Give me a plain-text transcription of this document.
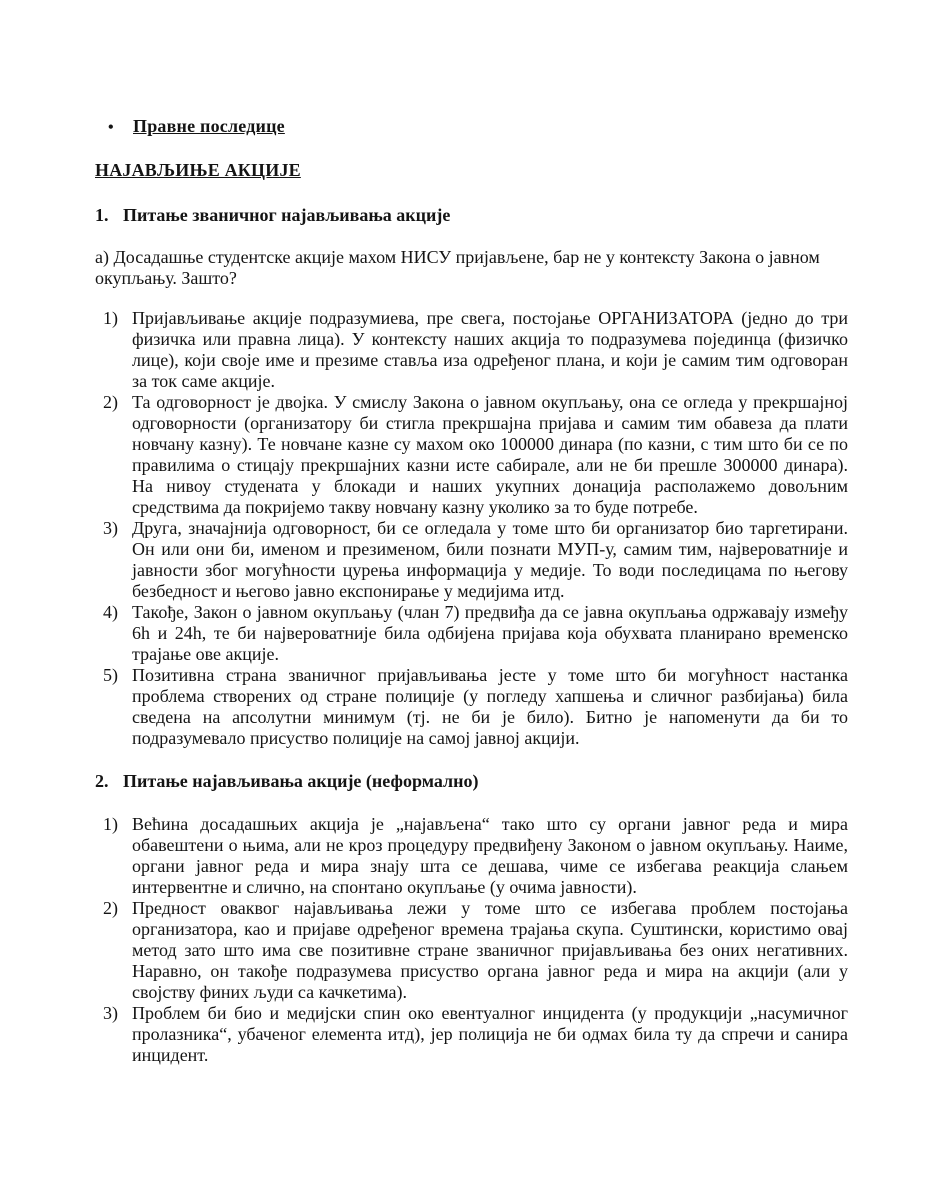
•	Правне последице
НАЈАВЉИЊЕ АКЦИЈЕ
1. Питање званичног најављивања акције

а) Досадашње студентске акције махом НИСУ пријављене, бар не у контексту Закона о јавном окупљању. Зашто?

1) Пријављивање акције подразумиева, пре свега, постојање ОРГАНИЗАТОРА (једно до три физичка или правна лица). У контексту наших акција то подразумева појединца (физичко лице), који своје име и презиме ставља иза одређеног плана, и који је самим тим одговоран за ток саме акције.
2) Та одговорност је двојка. У смислу Закона о јавном окупљању, она се огледа у прекршајној одговорности (организатору би стигла прекршајна пријава и самим тим обавеза да плати новчану казну). Те новчане казне су махом око 100000 динара (по казни, с тим што би се по правилима о стицају прекршајних казни исте сабирале, али не би прешле 300000 динара). На нивоу студената у блокади и наших укупних донација располажемо довољним средствима да покријемо такву новчану казну уколико за то буде потребе.
3) Друга, значајнија одговорност, би се огледала у томе што би организатор био таргетирани. Он или они би, именом и презименом, били познати МУП-у, самим тим, највероватније и јавности због могућности цурења информација у медије. То води последицама по његову безбедност и његово јавно експонирање у медијима итд.
4) Такође, Закон о јавном окупљању (члан 7) предвиђа да се јавна окупљања одржавају између 6h и 24h, те би највероватније била одбијена пријава која обухвата планирано временско трајање ове акције.
5) Позитивна страна званичног пријављивања јесте у томе што би могућност настанка проблема створених од стране полиције (у погледу хапшења и сличног разбијања) била сведена на апсолутни минимум (тј. не би је било). Битно је напоменути да би то подразумевало присуство полиције на самој јавној акцији.
2. Питање најављивања акције (неформално)
1) Већина досадашњих акција је „најављена“ тако што су органи јавног реда и мира обавештени о њима, али не кроз процедуру предвиђену Законом о јавном окупљању. Наиме, органи јавног реда и мира знају шта се дешава, чиме се избегава реакција слањем интервентне и слично, на спонтано окупљање (у очима јавности).
2) Предност оваквог најављивања лежи у томе што се избегава проблем постојања организатора, као и пријаве одређеног времена трајања скупа. Суштински, користимо овај метод зато што има све позитивне стране званичног пријављивања без оних негативних. Наравно, он такође подразумева присуство органа јавног реда и мира на акцији (али у својству финих људи са качкетима).
3) Проблем би био и медијски спин око евентуалног инцидента (у продукцији „насумичног пролазника“, убаченог елемента итд), јер полиција не би одмах била ту да спречи и санира инцидент.
